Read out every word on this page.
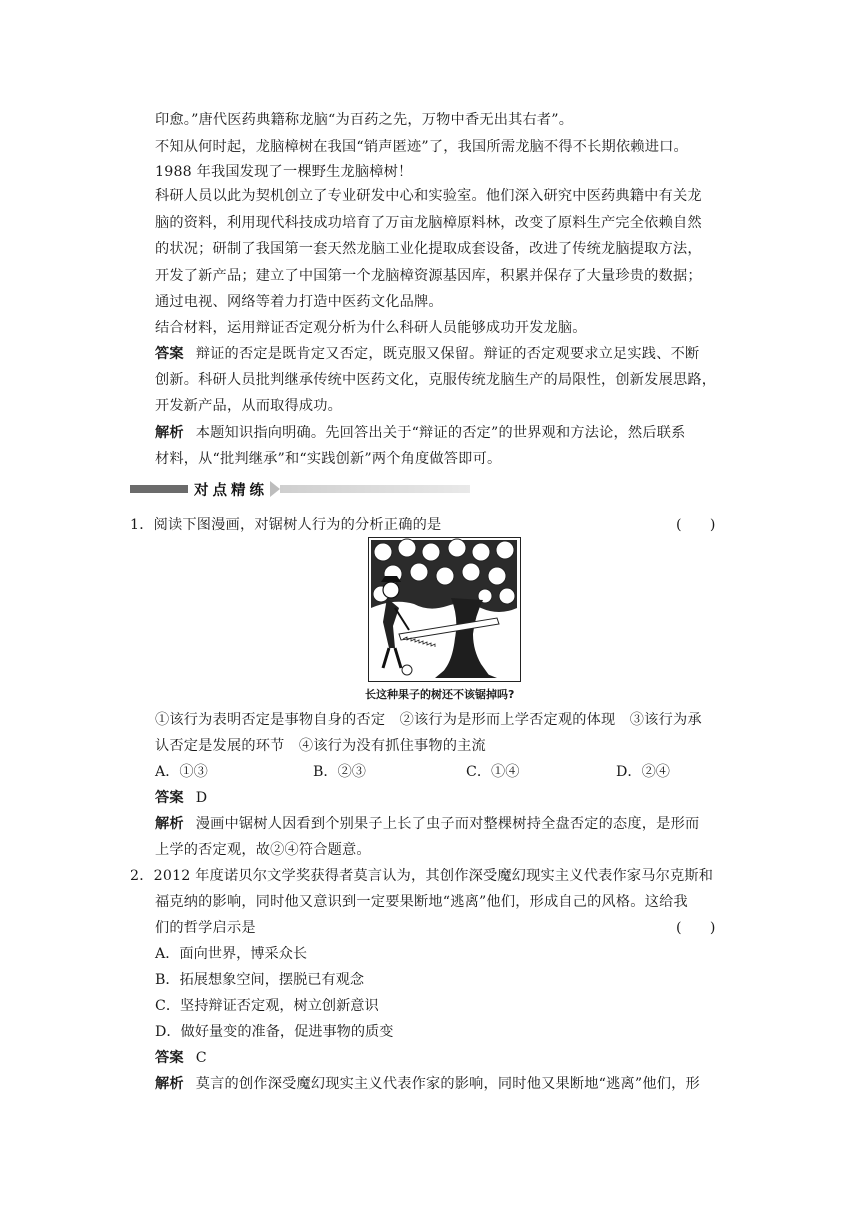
印愈。”唐代医药典籍称龙脑“为百药之先，万物中香无出其右者”。
不知从何时起，龙脑樟树在我国“销声匿迹”了，我国所需龙脑不得不长期依赖进口。
1988 年我国发现了一棵野生龙脑樟树！
科研人员以此为契机创立了专业研发中心和实验室。他们深入研究中医药典籍中有关龙
脑的资料，利用现代科技成功培育了万亩龙脑樟原料林，改变了原料生产完全依赖自然
的状况；研制了我国第一套天然龙脑工业化提取成套设备，改进了传统龙脑提取方法，
开发了新产品；建立了中国第一个龙脑樟资源基因库，积累并保存了大量珍贵的数据；
通过电视、网络等着力打造中医药文化品牌。
结合材料，运用辩证否定观分析为什么科研人员能够成功开发龙脑。
答案 辩证的否定是既肯定又否定，既克服又保留。辩证的否定观要求立足实践、不断
创新。科研人员批判继承传统中医药文化，克服传统龙脑生产的局限性，创新发展思路，
开发新产品，从而取得成功。
解析 本题知识指向明确。先回答出关于“辩证的否定”的世界观和方法论，然后联系
材料，从“批判继承”和“实践创新”两个角度做答即可。
对点精练
1．阅读下图漫画，对锯树人行为的分析正确的是	(　　)
长这种果子的树还不该锯掉吗?
①该行为表明否定是事物自身的否定　②该行为是形而上学否定观的体现　③该行为承
认否定是发展的环节　④该行为没有抓住事物的主流
A．①③	B．②③	C．①④	D．②④
答案 D
解析 漫画中锯树人因看到个别果子上长了虫子而对整棵树持全盘否定的态度，是形而
上学的否定观，故②④符合题意。
2．2012 年度诺贝尔文学奖获得者莫言认为，其创作深受魔幻现实主义代表作家马尔克斯和
福克纳的影响，同时他又意识到一定要果断地“逃离”他们，形成自己的风格。这给我
们的哲学启示是	(　　)
A．面向世界，博采众长
B．拓展想象空间，摆脱已有观念
C．坚持辩证否定观，树立创新意识
D．做好量变的准备，促进事物的质变
答案 C
解析 莫言的创作深受魔幻现实主义代表作家的影响，同时他又果断地“逃离”他们，形
